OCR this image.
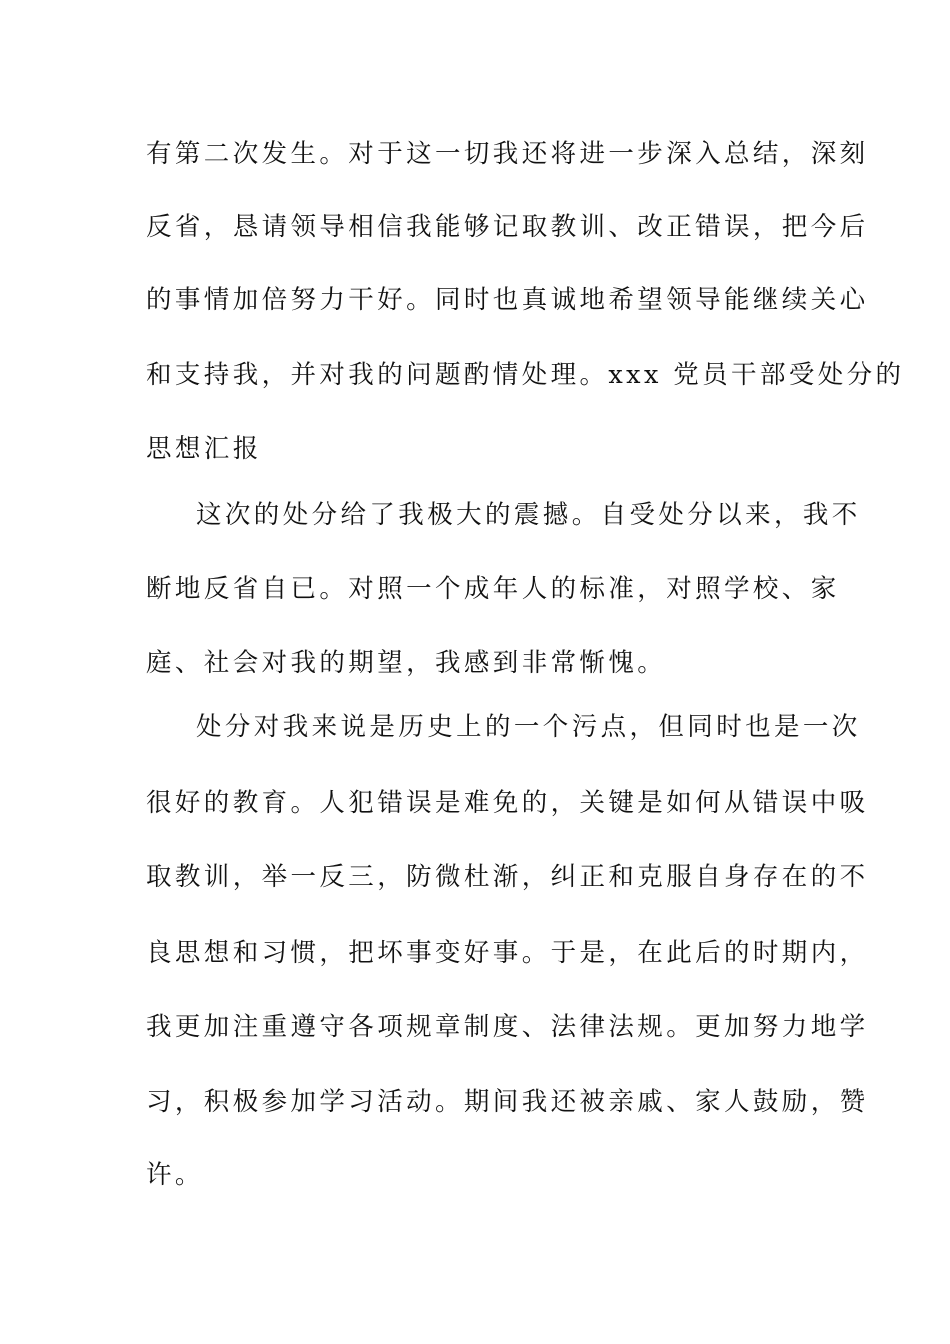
有第二次发生。对于这一切我还将进一步深入总结，深刻
反省，恳请领导相信我能够记取教训、改正错误，把今后
的事情加倍努力干好。同时也真诚地希望领导能继续关心
和支持我，并对我的问题酌情处理。xxx 党员干部受处分的
思想汇报
这次的处分给了我极大的震撼。自受处分以来，我不
断地反省自已。对照一个成年人的标准，对照学校、家
庭、社会对我的期望，我感到非常惭愧。
处分对我来说是历史上的一个污点，但同时也是一次
很好的教育。人犯错误是难免的，关键是如何从错误中吸
取教训，举一反三，防微杜渐，纠正和克服自身存在的不
良思想和习惯，把坏事变好事。于是，在此后的时期内，
我更加注重遵守各项规章制度、法律法规。更加努力地学
习，积极参加学习活动。期间我还被亲戚、家人鼓励，赞
许。
